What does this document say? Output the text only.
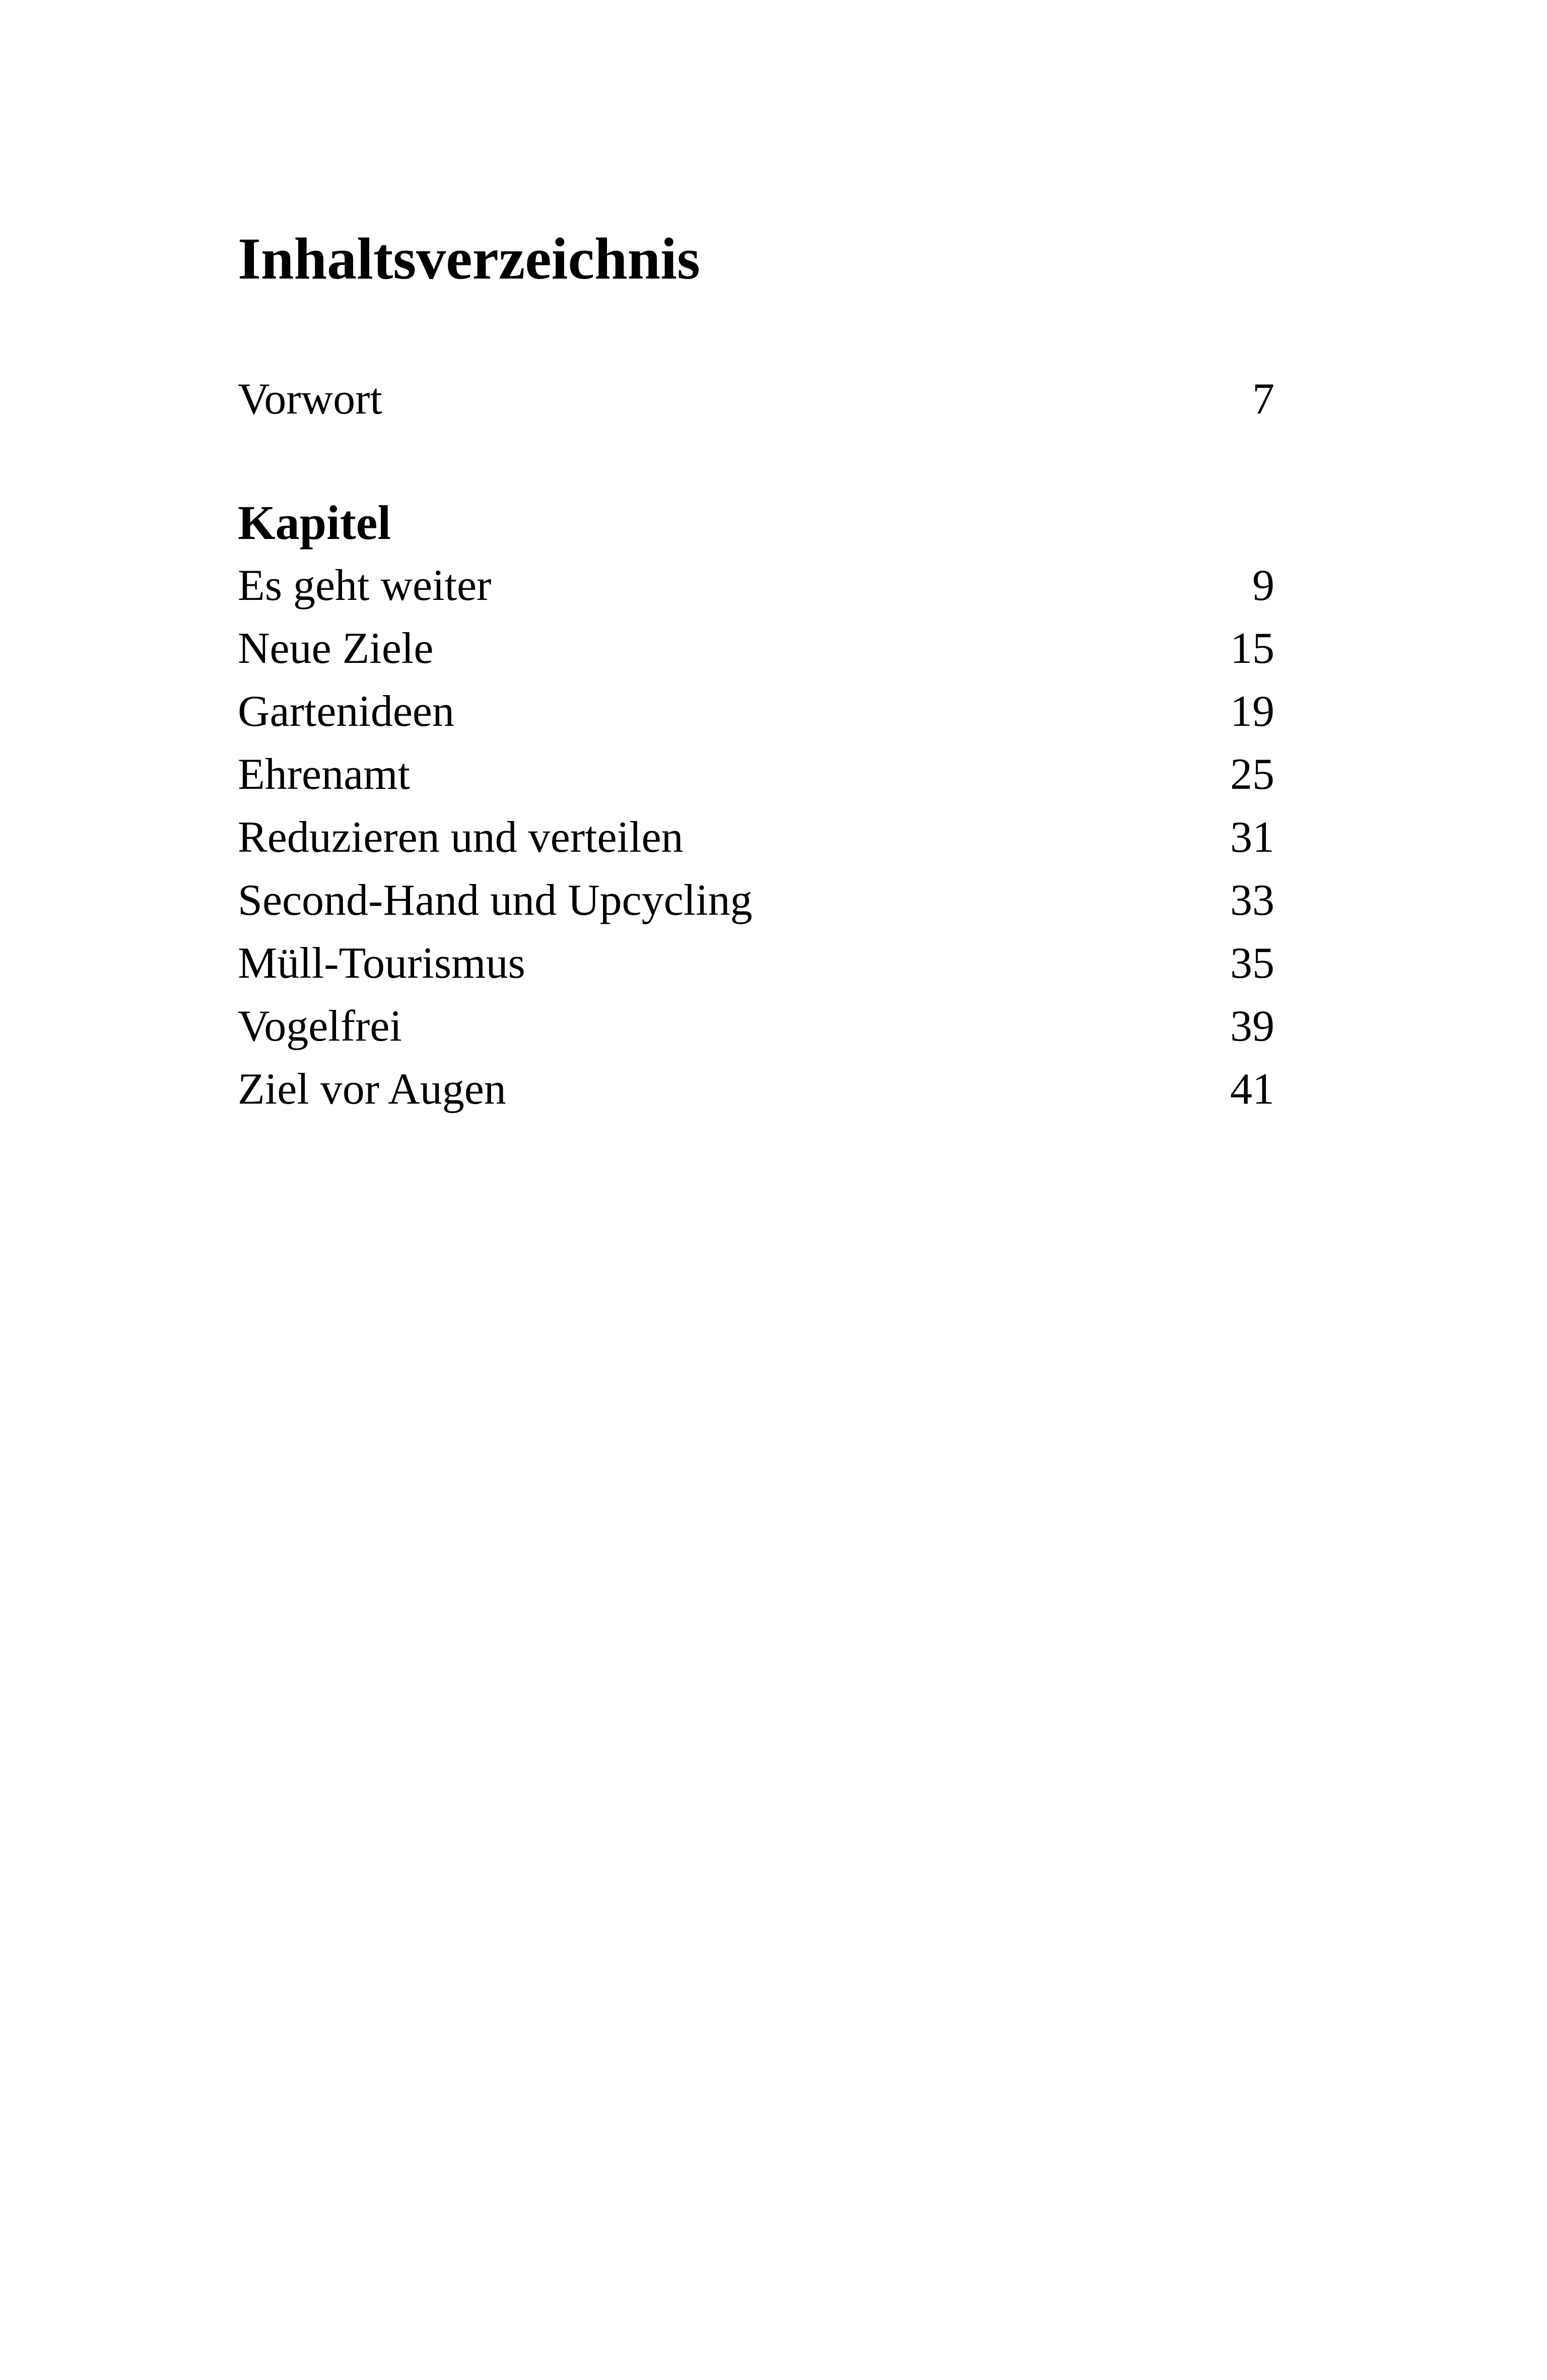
Inhaltsverzeichnis
Vorwort	7
Kapitel
Es geht weiter	9
Neue Ziele	15
Gartenideen	19
Ehrenamt	25
Reduzieren und verteilen	31
Second-Hand und Upcycling	33
Müll-Tourismus	35
Vogelfrei	39
Ziel vor Augen	41
